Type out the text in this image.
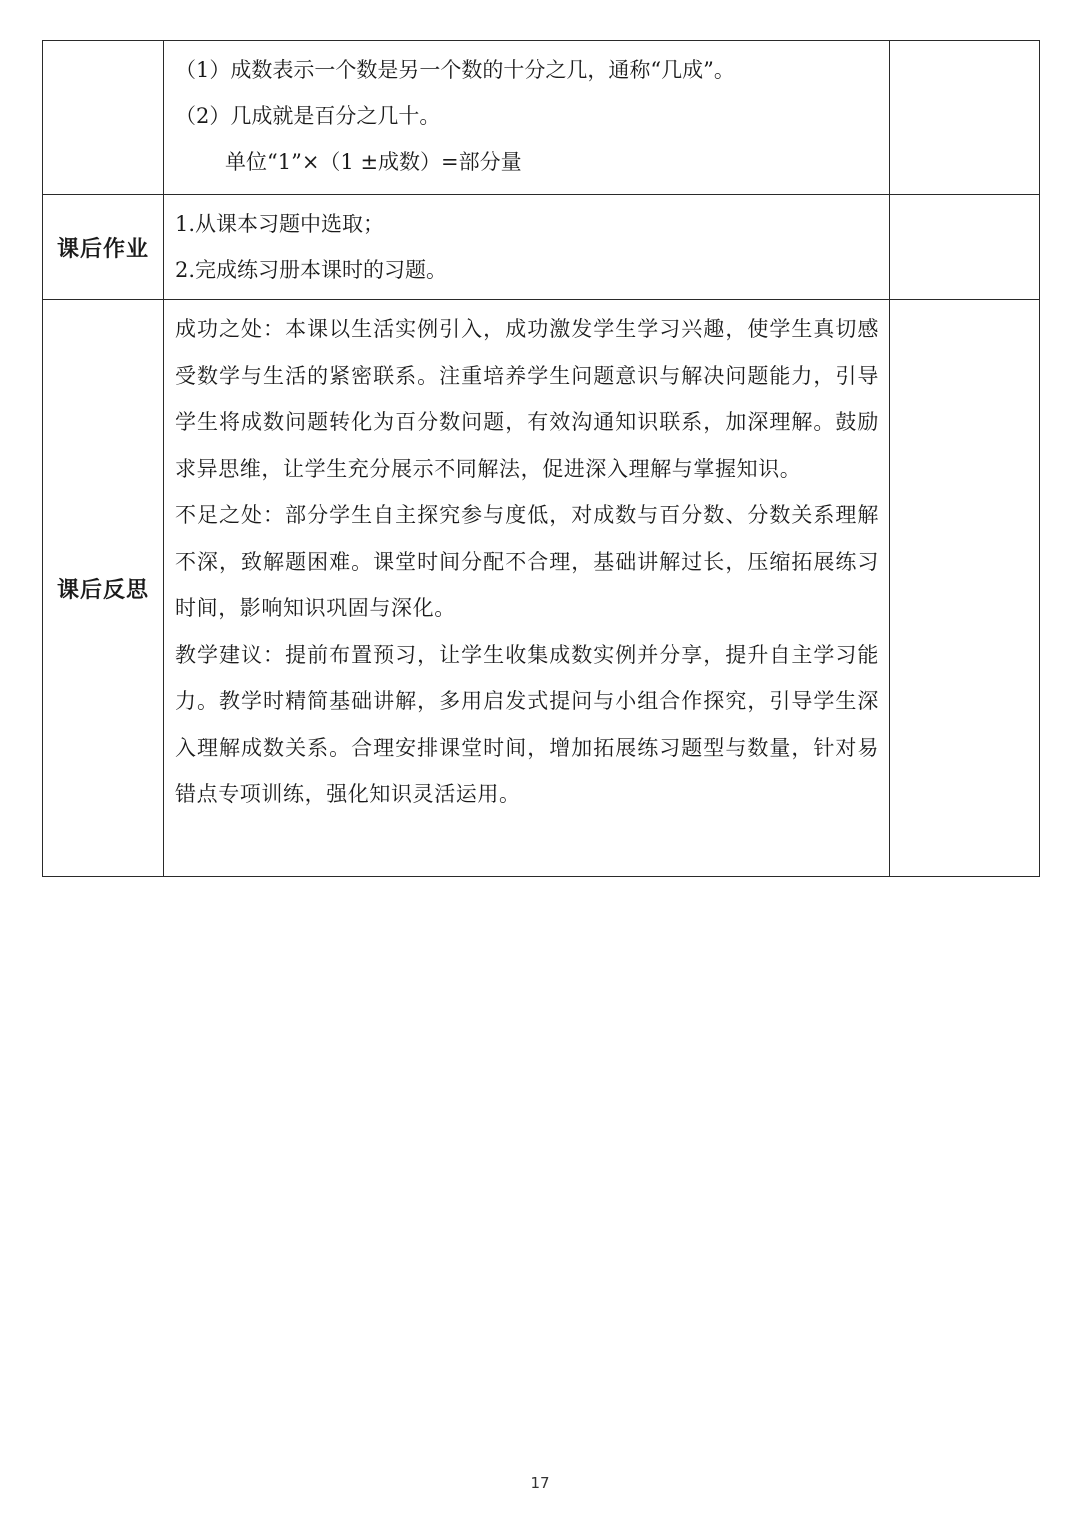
	（1）成数表示一个数是另一个数的十分之几，通称“几成”。
（2）几成就是百分之几十。
单位“1”×（1 ±成数）=部分量	

课后作业	1.从课本习题中选取；
2.完成练习册本课时的习题。	

课后反思	成功之处：本课以生活实例引入，成功激发学生学习兴趣，使学生真切感受数学与生活的紧密联系。注重培养学生问题意识与解决问题能力，引导学生将成数问题转化为百分数问题，有效沟通知识联系，加深理解。鼓励求异思维，让学生充分展示不同解法，促进深入理解与掌握知识。
不足之处：部分学生自主探究参与度低，对成数与百分数、分数关系理解不深，致解题困难。课堂时间分配不合理，基础讲解过长，压缩拓展练习时间，影响知识巩固与深化。
教学建议：提前布置预习，让学生收集成数实例并分享，提升自主学习能力。教学时精简基础讲解，多用启发式提问与小组合作探究，引导学生深入理解成数关系。合理安排课堂时间，增加拓展练习题型与数量，针对易错点专项训练，强化知识灵活运用。	

17
